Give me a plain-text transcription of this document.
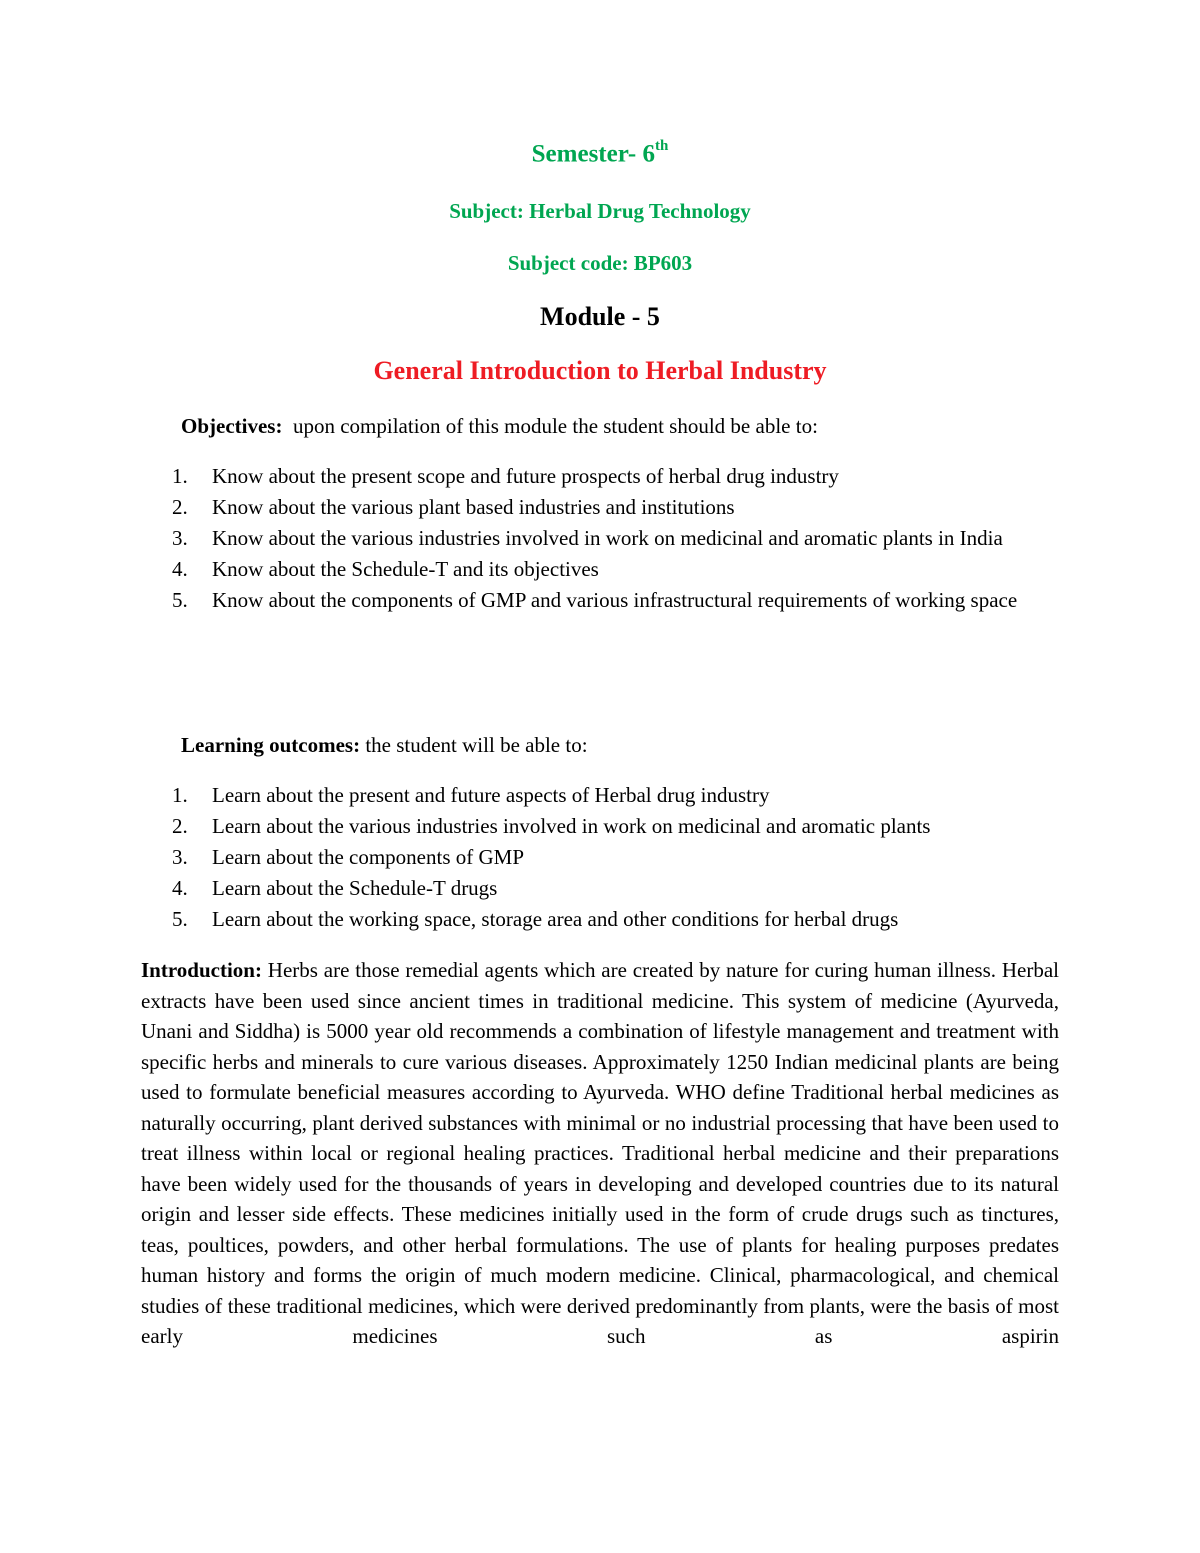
Semester- 6th
Subject: Herbal Drug Technology
Subject code: BP603
Module - 5
General Introduction to Herbal Industry
Objectives: upon compilation of this module the student should be able to:
1. Know about the present scope and future prospects of herbal drug industry
2. Know about the various plant based industries and institutions
3. Know about the various industries involved in work on medicinal and aromatic plants in India
4. Know about the Schedule-T and its objectives
5. Know about the components of GMP and various infrastructural requirements of working space
Learning outcomes: the student will be able to:
1. Learn about the present and future aspects of Herbal drug industry
2. Learn about the various industries involved in work on medicinal and aromatic plants
3. Learn about the components of GMP
4. Learn about the Schedule-T drugs
5. Learn about the working space, storage area and other conditions for herbal drugs

Introduction: Herbs are those remedial agents which are created by nature for curing human illness. Herbal extracts have been used since ancient times in traditional medicine. This system of medicine (Ayurveda, Unani and Siddha) is 5000 year old recommends a combination of lifestyle management and treatment with specific herbs and minerals to cure various diseases. Approximately 1250 Indian medicinal plants are being used to formulate beneficial measures according to Ayurveda. WHO define Traditional herbal medicines as naturally occurring, plant derived substances with minimal or no industrial processing that have been used to treat illness within local or regional healing practices. Traditional herbal medicine and their preparations have been widely used for the thousands of years in developing and developed countries due to its natural origin and lesser side effects. These medicines initially used in the form of crude drugs such as tinctures, teas, poultices, powders, and other herbal formulations. The use of plants for healing purposes predates human history and forms the origin of much modern medicine. Clinical, pharmacological, and chemical studies of these traditional medicines, which were derived predominantly from plants, were the basis of most early medicines such as aspirin
